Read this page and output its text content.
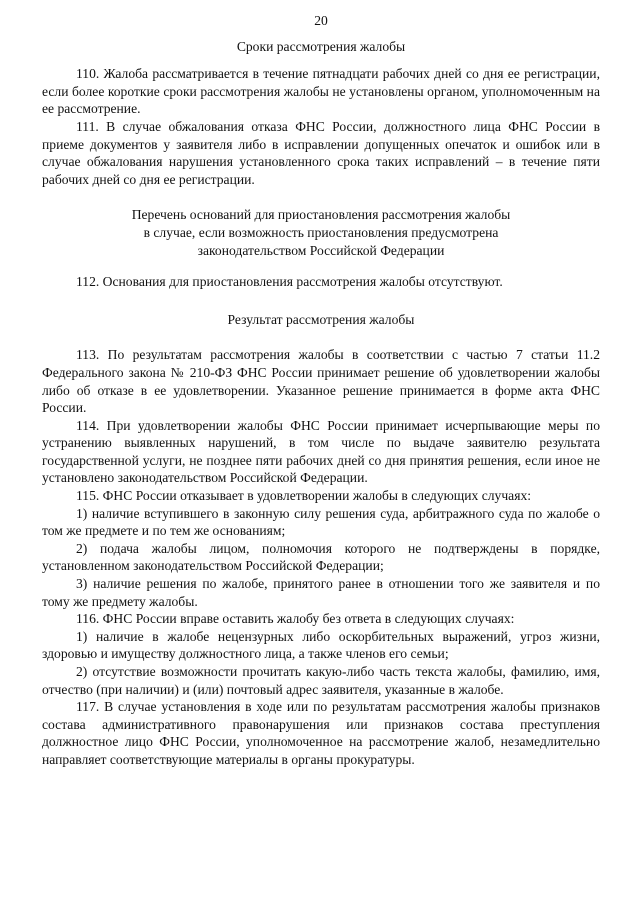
20

Сроки рассмотрения жалобы

110. Жалоба рассматривается в течение пятнадцати рабочих дней со дня ее регистрации, если более короткие сроки рассмотрения жалобы не установлены органом, уполномоченным на ее рассмотрение.

111. В случае обжалования отказа ФНС России, должностного лица ФНС России в приеме документов у заявителя либо в исправлении допущенных опечаток и ошибок или в случае обжалования нарушения установленного срока таких исправлений – в течение пяти рабочих дней со дня ее регистрации.

Перечень оснований для приостановления рассмотрения жалобы
в случае, если возможность приостановления предусмотрена
законодательством Российской Федерации

112. Основания для приостановления рассмотрения жалобы отсутствуют.

Результат рассмотрения жалобы

113. По результатам рассмотрения жалобы в соответствии с частью 7 статьи 11.2 Федерального закона № 210-ФЗ ФНС России принимает решение об удовлетворении жалобы либо об отказе в ее удовлетворении. Указанное решение принимается в форме акта ФНС России.

114. При удовлетворении жалобы ФНС России принимает исчерпывающие меры по устранению выявленных нарушений, в том числе по выдаче заявителю результата государственной услуги, не позднее пяти рабочих дней со дня принятия решения, если иное не установлено законодательством Российской Федерации.

115. ФНС России отказывает в удовлетворении жалобы в следующих случаях:

1) наличие вступившего в законную силу решения суда, арбитражного суда по жалобе о том же предмете и по тем же основаниям;

2) подача жалобы лицом, полномочия которого не подтверждены в порядке, установленном законодательством Российской Федерации;

3) наличие решения по жалобе, принятого ранее в отношении того же заявителя и по тому же предмету жалобы.

116. ФНС России вправе оставить жалобу без ответа в следующих случаях:

1) наличие в жалобе нецензурных либо оскорбительных выражений, угроз жизни, здоровью и имуществу должностного лица, а также членов его семьи;

2) отсутствие возможности прочитать какую-либо часть текста жалобы, фамилию, имя, отчество (при наличии) и (или) почтовый адрес заявителя, указанные в жалобе.

117. В случае установления в ходе или по результатам рассмотрения жалобы признаков состава административного правонарушения или признаков состава преступления должностное лицо ФНС России, уполномоченное на рассмотрение жалоб, незамедлительно направляет соответствующие материалы в органы прокуратуры.
